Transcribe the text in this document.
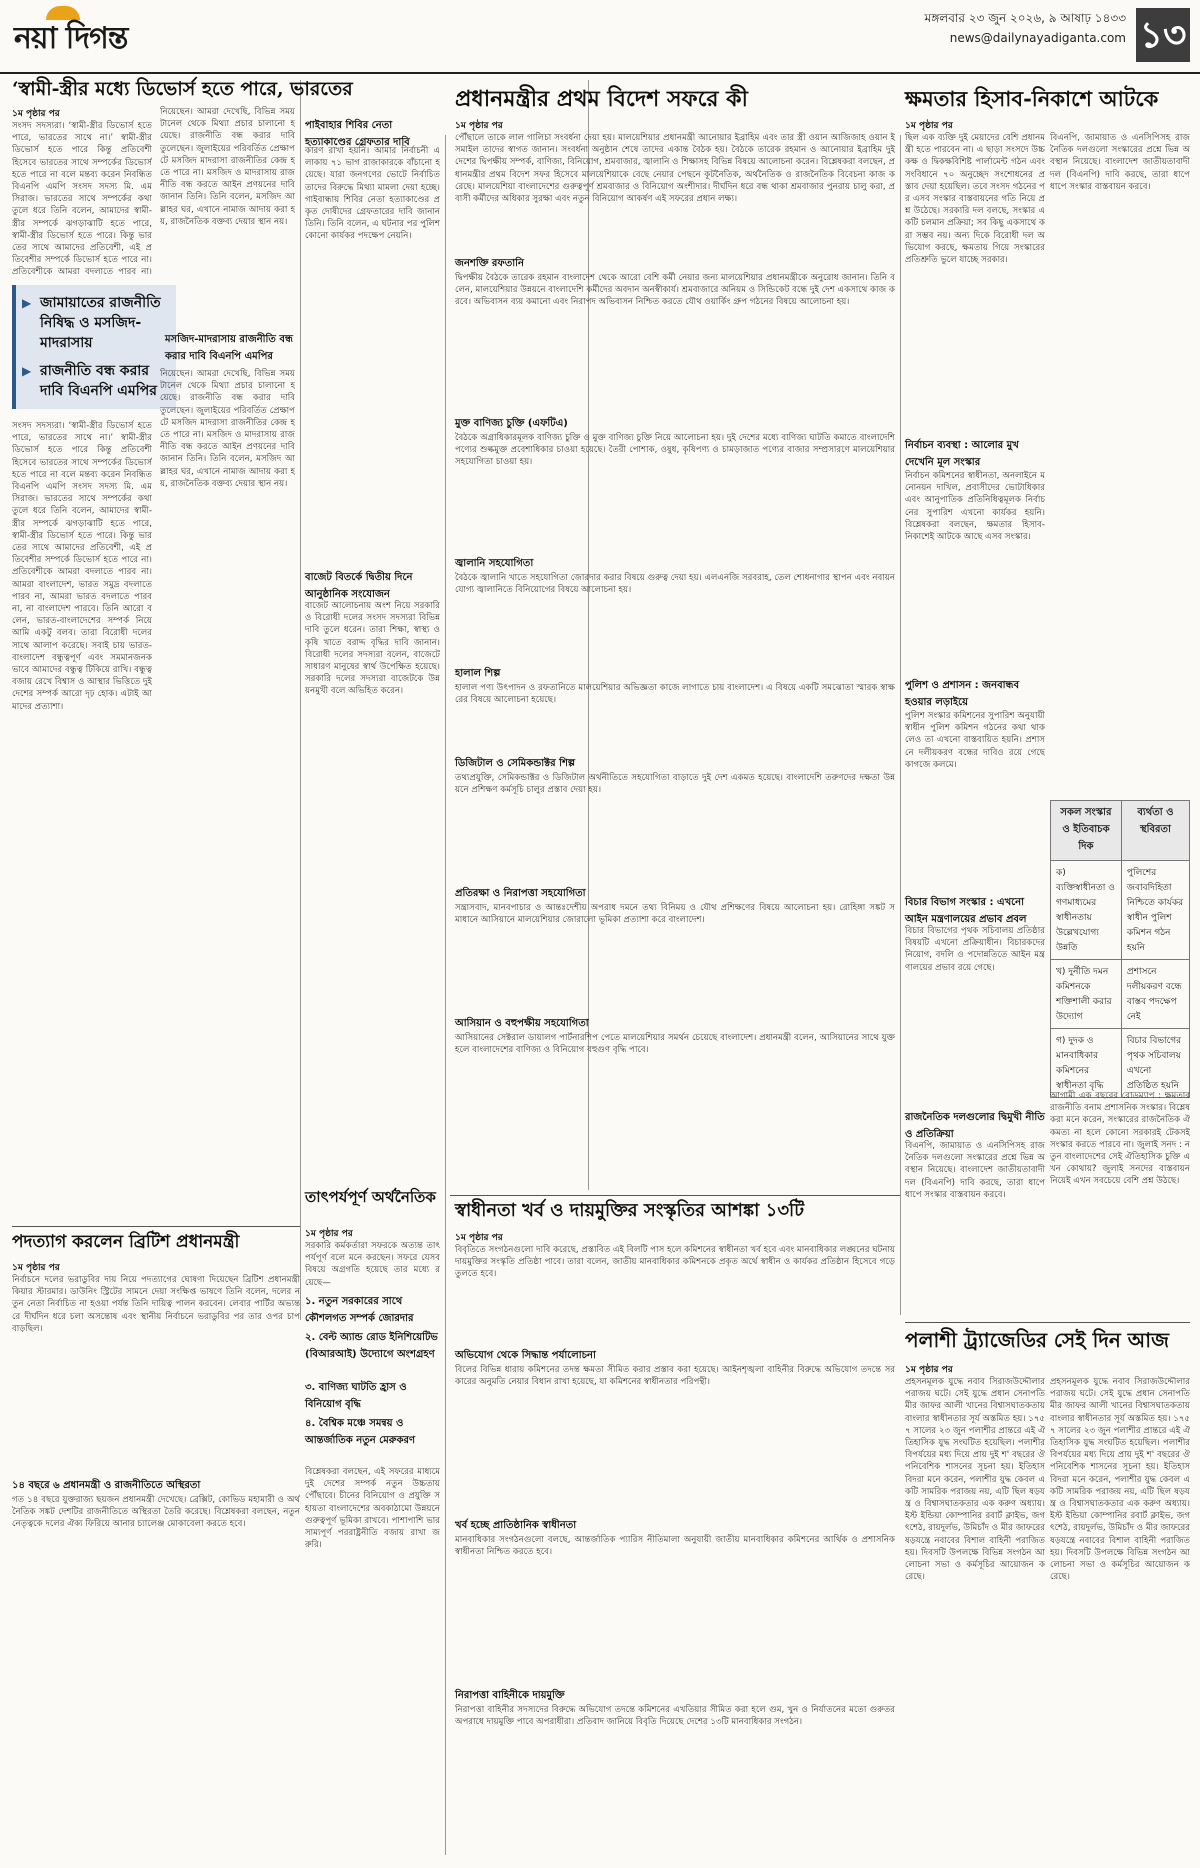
নয়া দিগন্ত
মঙ্গলবার ২৩ জুন ২০২৬, ৯ আষাঢ় ১৪৩৩
news@dailynayadiganta.com ১৩
‘স্বামী-স্ত্রীর মধ্যে ডিভোর্স হতে পারে, ভারতের
১ম পৃষ্ঠার পর
সংসদ সদস্যরা। ‘স্বামী-স্ত্রীর ডিভোর্স হতে পারে, ভারতের সাথে না।’ স্বামী-স্ত্রীর ডিভোর্স হতে পারে কিন্তু প্রতিবেশী হিসেবে ভারতের সাথে সম্পর্কের ডিভোর্স হতে পারে না বলে মন্তব্য করেন নিবন্ধিত বিএনপি এমপি সংসদ সদস্য মি. এম সিরাজ। ভারতের সাথে সম্পর্কের কথা তুলে ধরে তিনি বলেন, আমাদের স্বামী-স্ত্রীর সম্পর্কে ঝগড়াঝাটি হতে পারে, স্বামী-স্ত্রীর ডিভোর্স হতে পারে। কিন্তু ভারতের সাথে আমাদের প্রতিবেশী, এই প্রতিবেশীর সম্পর্কে ডিভোর্স হতে পারে না। প্রতিবেশীকে আমরা বদলাতে পারব না।
নিয়েছেন। আমরা দেখেছি, বিভিন্ন সময় টানেল থেকে মিথ্যা প্রচার চালানো হয়েছে। রাজনীতি বন্ধ করার দাবি তুলেছেন। জুলাইয়ের পরিবর্তিত প্রেক্ষাপটে মসজিদ মাদরাসা রাজনীতির কেন্দ্র হতে পারে না। মসজিদ ও মাদরাসায় রাজনীতি বন্ধ করতে আইন প্রণয়নের দাবি জানান তিনি। তিনি বলেন, মসজিদ আল্লাহর ঘর, এখানে নামাজ আদায় করা হয়, রাজনৈতিক বক্তব্য দেয়ার স্থান নয়।
▶ জামায়াতের রাজনীতি নিষিদ্ধ ও মসজিদ-মাদরাসায়
▶ রাজনীতি বন্ধ করার দাবি বিএনপি এমপির
মসজিদ-মাদরাসায় রাজনীতি বন্ধ করার দাবি বিএনপি এমপির
সংসদ সদস্যরা। ‘স্বামী-স্ত্রীর ডিভোর্স হতে পারে, ভারতের সাথে না।’ স্বামী-স্ত্রীর ডিভোর্স হতে পারে কিন্তু প্রতিবেশী হিসেবে ভারতের সাথে সম্পর্কের ডিভোর্স হতে পারে না বলে মন্তব্য করেন নিবন্ধিত বিএনপি এমপি সংসদ সদস্য মি. এম সিরাজ। ভারতের সাথে সম্পর্কের কথা তুলে ধরে তিনি বলেন, আমাদের স্বামী-স্ত্রীর সম্পর্কে ঝগড়াঝাটি হতে পারে, স্বামী-স্ত্রীর ডিভোর্স হতে পারে। কিন্তু ভারতের সাথে আমাদের প্রতিবেশী, এই প্রতিবেশীর সম্পর্কে ডিভোর্স হতে পারে না। প্রতিবেশীকে আমরা বদলাতে পারব না। আমরা বাংলাদেশ, ভারত সমুদ্র বদলাতে পারব না, আমরা ভারত বদলাতে পারব না, না বাংলাদেশ পারবে। তিনি আরো বলেন, ভারত-বাংলাদেশের সম্পর্ক নিয়ে আমি একটু বলব। তারা বিরোধী দলের সাথে আলাপ করেছে। সবাই চায় ভারত-বাংলাদেশ বন্ধুত্বপূর্ণ এবং সমমানজনকভাবে আমাদের বন্ধুত্ব টিকিয়ে রাখি। বন্ধুত্ব বজায় রেখে বিশ্বাস ও আস্থার ভিত্তিতে দুই দেশের সম্পর্ক আরো দৃঢ় হোক। এটাই আমাদের প্রত্যাশা।
নিয়েছেন। আমরা দেখেছি, বিভিন্ন সময় টানেল থেকে মিথ্যা প্রচার চালানো হয়েছে। রাজনীতি বন্ধ করার দাবি তুলেছেন। জুলাইয়ের পরিবর্তিত প্রেক্ষাপটে মসজিদ মাদরাসা রাজনীতির কেন্দ্র হতে পারে না। মসজিদ ও মাদরাসায় রাজনীতি বন্ধ করতে আইন প্রণয়নের দাবি জানান তিনি। তিনি বলেন, মসজিদ আল্লাহর ঘর, এখানে নামাজ আদায় করা হয়, রাজনৈতিক বক্তব্য দেয়ার স্থান নয়।
পাইবাহার শিবির নেতা হত্যাকাণ্ডের গ্রেফতার দাবি
কারণ রাখা হয়নি। আমার নির্বাচনী এলাকায় ৭১ ভাগ রাজাকারকে বাঁচানো হয়েছে। যারা জনগণের ভোটে নির্বাচিত তাদের বিরুদ্ধে মিথ্যা মামলা দেয়া হচ্ছে। গাইবান্ধায় শিবির নেতা হত্যাকাণ্ডের প্রকৃত দোষীদের গ্রেফতারের দাবি জানান তিনি। তিনি বলেন, এ ঘটনার পর পুলিশ কোনো কার্যকর পদক্ষেপ নেয়নি।
বাজেট বিতর্কে দ্বিতীয় দিনে আনুষ্ঠানিক সংযোজন
বাজেট আলোচনায় অংশ নিয়ে সরকারি ও বিরোধী দলের সংসদ সদস্যরা বিভিন্ন দাবি তুলে ধরেন। তারা শিক্ষা, স্বাস্থ্য ও কৃষি খাতে বরাদ্দ বৃদ্ধির দাবি জানান। বিরোধী দলের সদস্যরা বলেন, বাজেটে সাধারণ মানুষের স্বার্থ উপেক্ষিত হয়েছে। সরকারি দলের সদস্যরা বাজেটকে উন্নয়নমুখী বলে অভিহিত করেন।
প্রধানমন্ত্রীর প্রথম বিদেশ সফরে কী
১ম পৃষ্ঠার পর
পৌঁছালে তাকে লাল গালিচা সংবর্ধনা দেয়া হয়। মালয়েশিয়ার প্রধানমন্ত্রী আনোয়ার ইব্রাহিম এবং তার স্ত্রী ওয়ান আজিজাহ ওয়ান ইসমাইল তাদের স্বাগত জানান। সংবর্ধনা অনুষ্ঠান শেষে তাদের একান্ত বৈঠক হয়। বৈঠকে তারেক রহমান ও আনোয়ার ইব্রাহিম দুই দেশের দ্বিপক্ষীয় সম্পর্ক, বাণিজ্য, বিনিয়োগ, শ্রমবাজার, জ্বালানি ও শিক্ষাসহ বিভিন্ন বিষয়ে আলোচনা করেন। বিশ্লেষকরা বলছেন, প্রধানমন্ত্রীর প্রথম বিদেশ সফর হিসেবে মালয়েশিয়াকে বেছে নেয়ার পেছনে কূটনৈতিক, অর্থনৈতিক ও রাজনৈতিক বিবেচনা কাজ করেছে। মালয়েশিয়া বাংলাদেশের গুরুত্বপূর্ণ শ্রমবাজার ও বিনিয়োগ অংশীদার। দীর্ঘদিন ধরে বন্ধ থাকা শ্রমবাজার পুনরায় চালু করা, প্রবাসী কর্মীদের অধিকার সুরক্ষা এবং নতুন বিনিয়োগ আকর্ষণ এই সফরের প্রধান লক্ষ্য।
জনশক্তি রফতানি
দ্বিপক্ষীয় বৈঠকে তারেক রহমান বাংলাদেশ থেকে আরো বেশি কর্মী নেয়ার জন্য মালয়েশিয়ার প্রধানমন্ত্রীকে অনুরোধ জানান। তিনি বলেন, মালয়েশিয়ার উন্নয়নে বাংলাদেশি কর্মীদের অবদান অনস্বীকার্য। শ্রমবাজারে অনিয়ম ও সিন্ডিকেট বন্ধে দুই দেশ একসাথে কাজ করবে। অভিবাসন ব্যয় কমানো এবং নিরাপদ অভিবাসন নিশ্চিত করতে যৌথ ওয়ার্কিং গ্রুপ গঠনের বিষয়ে আলোচনা হয়।
মুক্ত বাণিজ্য চুক্তি (এফটিএ)
বৈঠকে অগ্রাধিকারমূলক বাণিজ্য চুক্তি ও মুক্ত বাণিজ্য চুক্তি নিয়ে আলোচনা হয়। দুই দেশের মধ্যে বাণিজ্য ঘাটতি কমাতে বাংলাদেশি পণ্যের শুল্কমুক্ত প্রবেশাধিকার চাওয়া হয়েছে। তৈরী পোশাক, ওষুধ, কৃষিপণ্য ও চামড়াজাত পণ্যের বাজার সম্প্রসারণে মালয়েশিয়ার সহযোগিতা চাওয়া হয়।
জ্বালানি সহযোগিতা
বৈঠকে জ্বালানি খাতে সহযোগিতা জোরদার করার বিষয়ে গুরুত্ব দেয়া হয়। এলএনজি সরবরাহ, তেল শোধনাগার স্থাপন এবং নবায়নযোগ্য জ্বালানিতে বিনিয়োগের বিষয়ে আলোচনা হয়।
হালাল শিল্প
হালাল পণ্য উৎপাদন ও রফতানিতে মালয়েশিয়ার অভিজ্ঞতা কাজে লাগাতে চায় বাংলাদেশ। এ বিষয়ে একটি সমঝোতা স্মারক স্বাক্ষরের বিষয়ে আলোচনা হয়েছে।
ডিজিটাল ও সেমিকন্ডাক্টর শিল্প
তথ্যপ্রযুক্তি, সেমিকন্ডাক্টর ও ডিজিটাল অর্থনীতিতে সহযোগিতা বাড়াতে দুই দেশ একমত হয়েছে। বাংলাদেশি তরুণদের দক্ষতা উন্নয়নে প্রশিক্ষণ কর্মসূচি চালুর প্রস্তাব দেয়া হয়।
প্রতিরক্ষা ও নিরাপত্তা সহযোগিতা
সন্ত্রাসবাদ, মানবপাচার ও আন্তঃদেশীয় অপরাধ দমনে তথ্য বিনিময় ও যৌথ প্রশিক্ষণের বিষয়ে আলোচনা হয়। রোহিঙ্গা সঙ্কট সমাধানে আসিয়ানে মালয়েশিয়ার জোরালো ভূমিকা প্রত্যাশা করে বাংলাদেশ।
আসিয়ান ও বহুপক্ষীয় সহযোগিতা
আসিয়ানের সেক্টরাল ডায়ালগ পার্টনারশিপ পেতে মালয়েশিয়ার সমর্থন চেয়েছে বাংলাদেশ। প্রধানমন্ত্রী বলেন, আসিয়ানের সাথে যুক্ত হলে বাংলাদেশের বাণিজ্য ও বিনিয়োগ বহুগুণ বৃদ্ধি পাবে।
ক্ষমতার হিসাব-নিকাশে আটকে
১ম পৃষ্ঠার পর
ছিল এক ব্যক্তি দুই মেয়াদের বেশি প্রধানমন্ত্রী হতে পারবেন না। এ ছাড়া সংসদে উচ্চকক্ষ ও দ্বিকক্ষবিশিষ্ট পার্লামেন্ট গঠন এবং সংবিধানে ৭০ অনুচ্ছেদ সংশোধনের প্রস্তাব দেয়া হয়েছিল। তবে সংসদ গঠনের পর এসব সংস্কার বাস্তবায়নের গতি নিয়ে প্রশ্ন উঠেছে। সরকারি দল বলছে, সংস্কার একটি চলমান প্রক্রিয়া; সব কিছু একসাথে করা সম্ভব নয়। অন্য দিকে বিরোধী দল অভিযোগ করছে, ক্ষমতায় গিয়ে সংস্কারের প্রতিশ্রুতি ভুলে যাচ্ছে সরকার।
নির্বাচন ব্যবস্থা : আলোর মুখ দেখেনি মূল সংস্কার
নির্বাচন কমিশনের স্বাধীনতা, অনলাইনে মনোনয়ন দাখিল, প্রবাসীদের ভোটাধিকার এবং আনুপাতিক প্রতিনিধিত্বমূলক নির্বাচনের সুপারিশ এখনো কার্যকর হয়নি। বিশ্লেষকরা বলছেন, ক্ষমতার হিসাব-নিকাশেই আটকে আছে এসব সংস্কার।
পুলিশ ও প্রশাসন : জনবান্ধব হওয়ার লড়াইয়ে
পুলিশ সংস্কার কমিশনের সুপারিশ অনুযায়ী স্বাধীন পুলিশ কমিশন গঠনের কথা থাকলেও তা এখনো বাস্তবায়িত হয়নি। প্রশাসনে দলীয়করণ বন্ধের দাবিও রয়ে গেছে কাগজে কলমে।
বিচার বিভাগ সংস্কার : এখনো আইন মন্ত্রণালয়ের প্রভাব প্রবল
বিচার বিভাগের পৃথক সচিবালয় প্রতিষ্ঠার বিষয়টি এখনো প্রক্রিয়াধীন। বিচারকদের নিয়োগ, বদলি ও পদোন্নতিতে আইন মন্ত্রণালয়ের প্রভাব রয়ে গেছে।
রাজনৈতিক দলগুলোর দ্বিমুখী নীতি ও প্রতিক্রিয়া
বিএনপি, জামায়াত ও এনসিপিসহ রাজনৈতিক দলগুলো সংস্কারের প্রশ্নে ভিন্ন অবস্থান নিয়েছে। বাংলাদেশ জাতীয়তাবাদী দল (বিএনপি) দাবি করছে, তারা ধাপে ধাপে সংস্কার বাস্তবায়ন করবে।
বিএনপি, জামায়াত ও এনসিপিসহ রাজনৈতিক দলগুলো সংস্কারের প্রশ্নে ভিন্ন অবস্থান নিয়েছে। বাংলাদেশ জাতীয়তাবাদী দল (বিএনপি) দাবি করছে, তারা ধাপে ধাপে সংস্কার বাস্তবায়ন করবে।
সকল সংস্কার ও ইতিবাচক দিক	ব্যর্থতা ও স্থবিরতা
ক) ব্যক্তিস্বাধীনতা ও গণমাধ্যমের স্বাধীনতায় উল্লেখযোগ্য উন্নতি	পুলিশের জবাবদিহিতা নিশ্চিতে কার্যকর স্বাধীন পুলিশ কমিশন গঠন হয়নি
খ) দুর্নীতি দমন কমিশনকে শক্তিশালী করার উদ্যোগ	প্রশাসনে দলীয়করণ বন্ধে বাস্তব পদক্ষেপ নেই
গ) দুদক ও মানবাধিকার কমিশনের স্বাধীনতা বৃদ্ধি	বিচার বিভাগের পৃথক সচিবালয় এখনো প্রতিষ্ঠিত হয়নি
আগামী এক বছরের রোডম্যাপ : ক্ষমতার রাজনীতি বনাম প্রশাসনিক সংস্কার। বিশ্লেষকরা মনে করেন, সংস্কারের রাজনৈতিক ঐকমত্য না হলে কোনো সরকারই টেকসই সংস্কার করতে পারবে না। জুলাই সনদ : নতুন বাংলাদেশের সেই ঐতিহাসিক চুক্তি এখন কোথায়? জুলাই সনদের বাস্তবায়ন নিয়েই এখন সবচেয়ে বেশি প্রশ্ন উঠছে।
পদত্যাগ করলেন ব্রিটিশ প্রধানমন্ত্রী
১ম পৃষ্ঠার পর
নির্বাচনে দলের ভরাডুবির দায় নিয়ে পদত্যাগের ঘোষণা দিয়েছেন ব্রিটিশ প্রধানমন্ত্রী কিয়ার স্টারমার। ডাউনিং স্ট্রিটের সামনে দেয়া সংক্ষিপ্ত ভাষণে তিনি বলেন, দলের নতুন নেতা নির্বাচিত না হওয়া পর্যন্ত তিনি দায়িত্ব পালন করবেন। লেবার পার্টির অভ্যন্তরে দীর্ঘদিন ধরে চলা অসন্তোষ এবং স্থানীয় নির্বাচনে ভরাডুবির পর তার ওপর চাপ বাড়ছিল।
১৪ বছরে ৬ প্রধানমন্ত্রী ও রাজনীতিতে অস্থিরতা
গত ১৪ বছরে যুক্তরাজ্য ছয়জন প্রধানমন্ত্রী দেখেছে। ব্রেক্সিট, কোভিড মহামারী ও অর্থনৈতিক সঙ্কট দেশটির রাজনীতিতে অস্থিরতা তৈরি করেছে। বিশ্লেষকরা বলছেন, নতুন নেতৃত্বকে দলের ঐক্য ফিরিয়ে আনার চ্যালেঞ্জ মোকাবেলা করতে হবে।
তাৎপর্যপূর্ণ অর্থনৈতিক
১ম পৃষ্ঠার পর
সরকারি কর্মকর্তারা সফরকে অত্যন্ত তাৎপর্যপূর্ণ বলে মনে করছেন। সফরে যেসব বিষয়ে অগ্রগতি হয়েছে তার মধ্যে রয়েছে—
১. নতুন সরকারের সাথে কৌশলগত সম্পর্ক জোরদার
২. বেল্ট অ্যান্ড রোড ইনিশিয়েটিভ (বিআরআই) উদ্যোগে অংশগ্রহণ
৩. বাণিজ্য ঘাটতি হ্রাস ও বিনিয়োগ বৃদ্ধি
৪. বৈশ্বিক মঞ্চে সমন্বয় ও আন্তর্জাতিক নতুন মেরুকরণ
বিশ্লেষকরা বলছেন, এই সফরের মাধ্যমে দুই দেশের সম্পর্ক নতুন উচ্চতায় পৌঁছাবে। চীনের বিনিয়োগ ও প্রযুক্তি সহায়তা বাংলাদেশের অবকাঠামো উন্নয়নে গুরুত্বপূর্ণ ভূমিকা রাখবে। পাশাপাশি ভারসাম্যপূর্ণ পররাষ্ট্রনীতি বজায় রাখা জরুরি।
স্বাধীনতা খর্ব ও দায়মুক্তির সংস্কৃতির আশঙ্কা ১৩টি
১ম পৃষ্ঠার পর
বিবৃতিতে সংগঠনগুলো দাবি করেছে, প্রস্তাবিত এই বিলটি পাস হলে কমিশনের স্বাধীনতা খর্ব হবে এবং মানবাধিকার লঙ্ঘনের ঘটনায় দায়মুক্তির সংস্কৃতি প্রতিষ্ঠা পাবে। তারা বলেন, জাতীয় মানবাধিকার কমিশনকে প্রকৃত অর্থে স্বাধীন ও কার্যকর প্রতিষ্ঠান হিসেবে গড়ে তুলতে হবে।
অভিযোগ থেকে সিদ্ধান্ত পর্যালোচনা
বিলের বিভিন্ন ধারায় কমিশনের তদন্ত ক্ষমতা সীমিত করার প্রস্তাব করা হয়েছে। আইনশৃঙ্খলা বাহিনীর বিরুদ্ধে অভিযোগ তদন্তে সরকারের অনুমতি নেয়ার বিধান রাখা হয়েছে, যা কমিশনের স্বাধীনতার পরিপন্থী।
খর্ব হচ্ছে প্রাতিষ্ঠানিক স্বাধীনতা
মানবাধিকার সংগঠনগুলো বলছে, আন্তর্জাতিক প্যারিস নীতিমালা অনুযায়ী জাতীয় মানবাধিকার কমিশনের আর্থিক ও প্রশাসনিক স্বাধীনতা নিশ্চিত করতে হবে।
নিরাপত্তা বাহিনীকে দায়মুক্তি
নিরাপত্তা বাহিনীর সদস্যদের বিরুদ্ধে অভিযোগ তদন্তে কমিশনের এখতিয়ার সীমিত করা হলে গুম, খুন ও নির্যাতনের মতো গুরুতর অপরাধে দায়মুক্তি পাবে অপরাধীরা। প্রতিবাদ জানিয়ে বিবৃতি দিয়েছে দেশের ১৩টি মানবাধিকার সংগঠন।
পলাশী ট্র্যাজেডির সেই দিন আজ
১ম পৃষ্ঠার পর
প্রহসনমূলক যুদ্ধে নবাব সিরাজউদ্দৌলার পরাজয় ঘটে। সেই যুদ্ধে প্রধান সেনাপতি মীর জাফর আলী খানের বিশ্বাসঘাতকতায় বাংলার স্বাধীনতার সূর্য অস্তমিত হয়। ১৭৫৭ সালের ২৩ জুন পলাশীর প্রান্তরে এই ঐতিহাসিক যুদ্ধ সংঘটিত হয়েছিল। পলাশীর বিপর্যয়ের মধ্য দিয়ে প্রায় দুই শ' বছরের ঔপনিবেশিক শাসনের সূচনা হয়। ইতিহাসবিদরা মনে করেন, পলাশীর যুদ্ধ কেবল একটি সামরিক পরাজয় নয়, এটি ছিল ষড়যন্ত্র ও বিশ্বাসঘাতকতার এক করুণ অধ্যায়। ইস্ট ইন্ডিয়া কোম্পানির রবার্ট ক্লাইভ, জগৎশেঠ, রায়দুর্লভ, উমিচাঁদ ও মীর জাফরের ষড়যন্ত্রে নবাবের বিশাল বাহিনী পরাজিত হয়। দিবসটি উপলক্ষে বিভিন্ন সংগঠন আলোচনা সভা ও কর্মসূচির আয়োজন করেছে।
প্রহসনমূলক যুদ্ধে নবাব সিরাজউদ্দৌলার পরাজয় ঘটে। সেই যুদ্ধে প্রধান সেনাপতি মীর জাফর আলী খানের বিশ্বাসঘাতকতায় বাংলার স্বাধীনতার সূর্য অস্তমিত হয়। ১৭৫৭ সালের ২৩ জুন পলাশীর প্রান্তরে এই ঐতিহাসিক যুদ্ধ সংঘটিত হয়েছিল। পলাশীর বিপর্যয়ের মধ্য দিয়ে প্রায় দুই শ' বছরের ঔপনিবেশিক শাসনের সূচনা হয়। ইতিহাসবিদরা মনে করেন, পলাশীর যুদ্ধ কেবল একটি সামরিক পরাজয় নয়, এটি ছিল ষড়যন্ত্র ও বিশ্বাসঘাতকতার এক করুণ অধ্যায়। ইস্ট ইন্ডিয়া কোম্পানির রবার্ট ক্লাইভ, জগৎশেঠ, রায়দুর্লভ, উমিচাঁদ ও মীর জাফরের ষড়যন্ত্রে নবাবের বিশাল বাহিনী পরাজিত হয়। দিবসটি উপলক্ষে বিভিন্ন সংগঠন আলোচনা সভা ও কর্মসূচির আয়োজন করেছে।
